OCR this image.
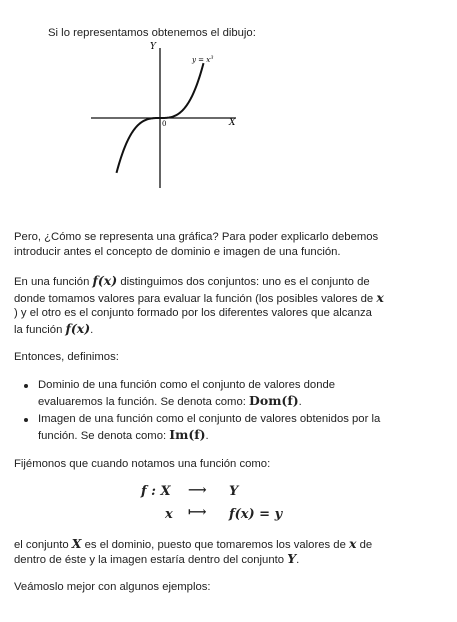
Si lo representamos obtenemos el dibujo:
Y
X
0
$y = x^3$
Pero, ¿Cómo se representa una gráfica? Para poder explicarlo debemos
introducir antes el concepto de dominio e imagen de una función.
En una función f(x) distinguimos dos conjuntos: uno es el conjunto de
donde tomamos valores para evaluar la función (los posibles valores de x
) y el otro es el conjunto formado por los diferentes valores que alcanza
la función f(x).
Entonces, definimos:
Dominio de una función como el conjunto de valores donde
evaluaremos la función. Se denota como: Dom(f).
Imagen de una función como el conjunto de valores obtenidos por la
función. Se denota como: Im(f).
Fijémonos que cuando notamos una función como:
f : X ⟶ Y
x ⟼ f(x) = y
el conjunto X es el dominio, puesto que tomaremos los valores de x de
dentro de éste y la imagen estaría dentro del conjunto Y.
Veámoslo mejor con algunos ejemplos:
